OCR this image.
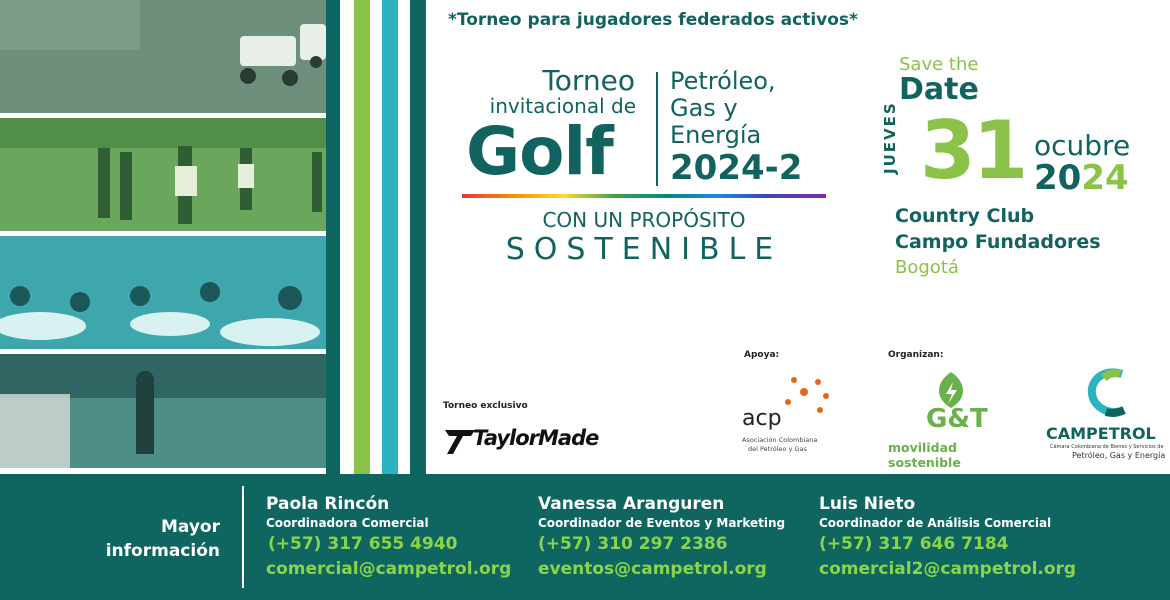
*Torneo para jugadores federados activos*
Torneo
invitacional de
Golf
Petróleo,
Gas y
Energía
2024-2
CON UN PROPÓSITO
SOSTENIBLE
Save the
Date
JUEVES 31 ocubre
2024
Country Club
Campo Fundadores
Bogotá
Torneo exclusivo
TaylorMade
Apoya:
acp
Asociación Colombiana
del Petróleo y Gas
Organizan:
G&T
movilidad sostenible
CAMPETROL
Cámara Colombiana de Bienes y Servicios de
Petróleo, Gas y Energía
Mayor
información
Paola Rincón
Coordinadora Comercial
(+57) 317 655 4940
comercial@campetrol.org
Vanessa Aranguren
Coordinador de Eventos y Marketing
(+57) 310 297 2386
eventos@campetrol.org
Luis Nieto
Coordinador de Análisis Comercial
(+57) 317 646 7184
comercial2@campetrol.org
